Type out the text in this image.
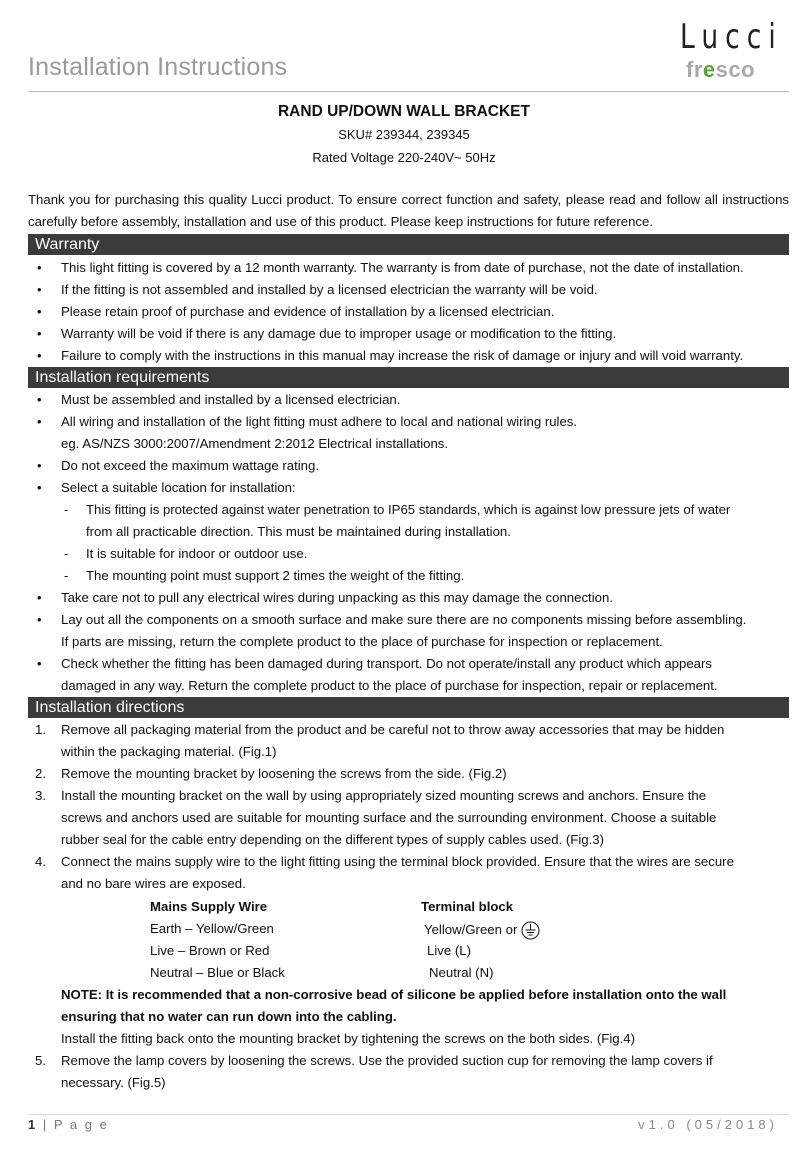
Installation Instructions
Lucci
fresco
RAND UP/DOWN WALL BRACKET
SKU# 239344, 239345
Rated Voltage 220-240V~ 50Hz
Thank you for purchasing this quality Lucci product. To ensure correct function and safety, please read and follow all instructions carefully before assembly, installation and use of this product. Please keep instructions for future reference.
Warranty
• This light fitting is covered by a 12 month warranty. The warranty is from date of purchase, not the date of installation.
• If the fitting is not assembled and installed by a licensed electrician the warranty will be void.
• Please retain proof of purchase and evidence of installation by a licensed electrician.
• Warranty will be void if there is any damage due to improper usage or modification to the fitting.
• Failure to comply with the instructions in this manual may increase the risk of damage or injury and will void warranty.
Installation requirements
• Must be assembled and installed by a licensed electrician.
• All wiring and installation of the light fitting must adhere to local and national wiring rules.
eg. AS/NZS 3000:2007/Amendment 2:2012 Electrical installations.
• Do not exceed the maximum wattage rating.
• Select a suitable location for installation:
- This fitting is protected against water penetration to IP65 standards, which is against low pressure jets of water
from all practicable direction. This must be maintained during installation.
- It is suitable for indoor or outdoor use.
- The mounting point must support 2 times the weight of the fitting.
• Take care not to pull any electrical wires during unpacking as this may damage the connection.
• Lay out all the components on a smooth surface and make sure there are no components missing before assembling.
If parts are missing, return the complete product to the place of purchase for inspection or replacement.
• Check whether the fitting has been damaged during transport. Do not operate/install any product which appears
damaged in any way. Return the complete product to the place of purchase for inspection, repair or replacement.
Installation directions
1. Remove all packaging material from the product and be careful not to throw away accessories that may be hidden
within the packaging material. (Fig.1)
2. Remove the mounting bracket by loosening the screws from the side. (Fig.2)
3. Install the mounting bracket on the wall by using appropriately sized mounting screws and anchors. Ensure the
screws and anchors used are suitable for mounting surface and the surrounding environment. Choose a suitable
rubber seal for the cable entry depending on the different types of supply cables used. (Fig.3)
4. Connect the mains supply wire to the light fitting using the terminal block provided. Ensure that the wires are secure
and no bare wires are exposed.
Mains Supply Wire	Terminal block
Earth – Yellow/Green	Yellow/Green or
Live – Brown or Red	Live (L)
Neutral – Blue or Black	Neutral (N)
NOTE: It is recommended that a non-corrosive bead of silicone be applied before installation onto the wall
ensuring that no water can run down into the cabling.
Install the fitting back onto the mounting bracket by tightening the screws on the both sides. (Fig.4)
5. Remove the lamp covers by loosening the screws. Use the provided suction cup for removing the lamp covers if
necessary. (Fig.5)
1 | P a g e	v1.0 (05/2018)
